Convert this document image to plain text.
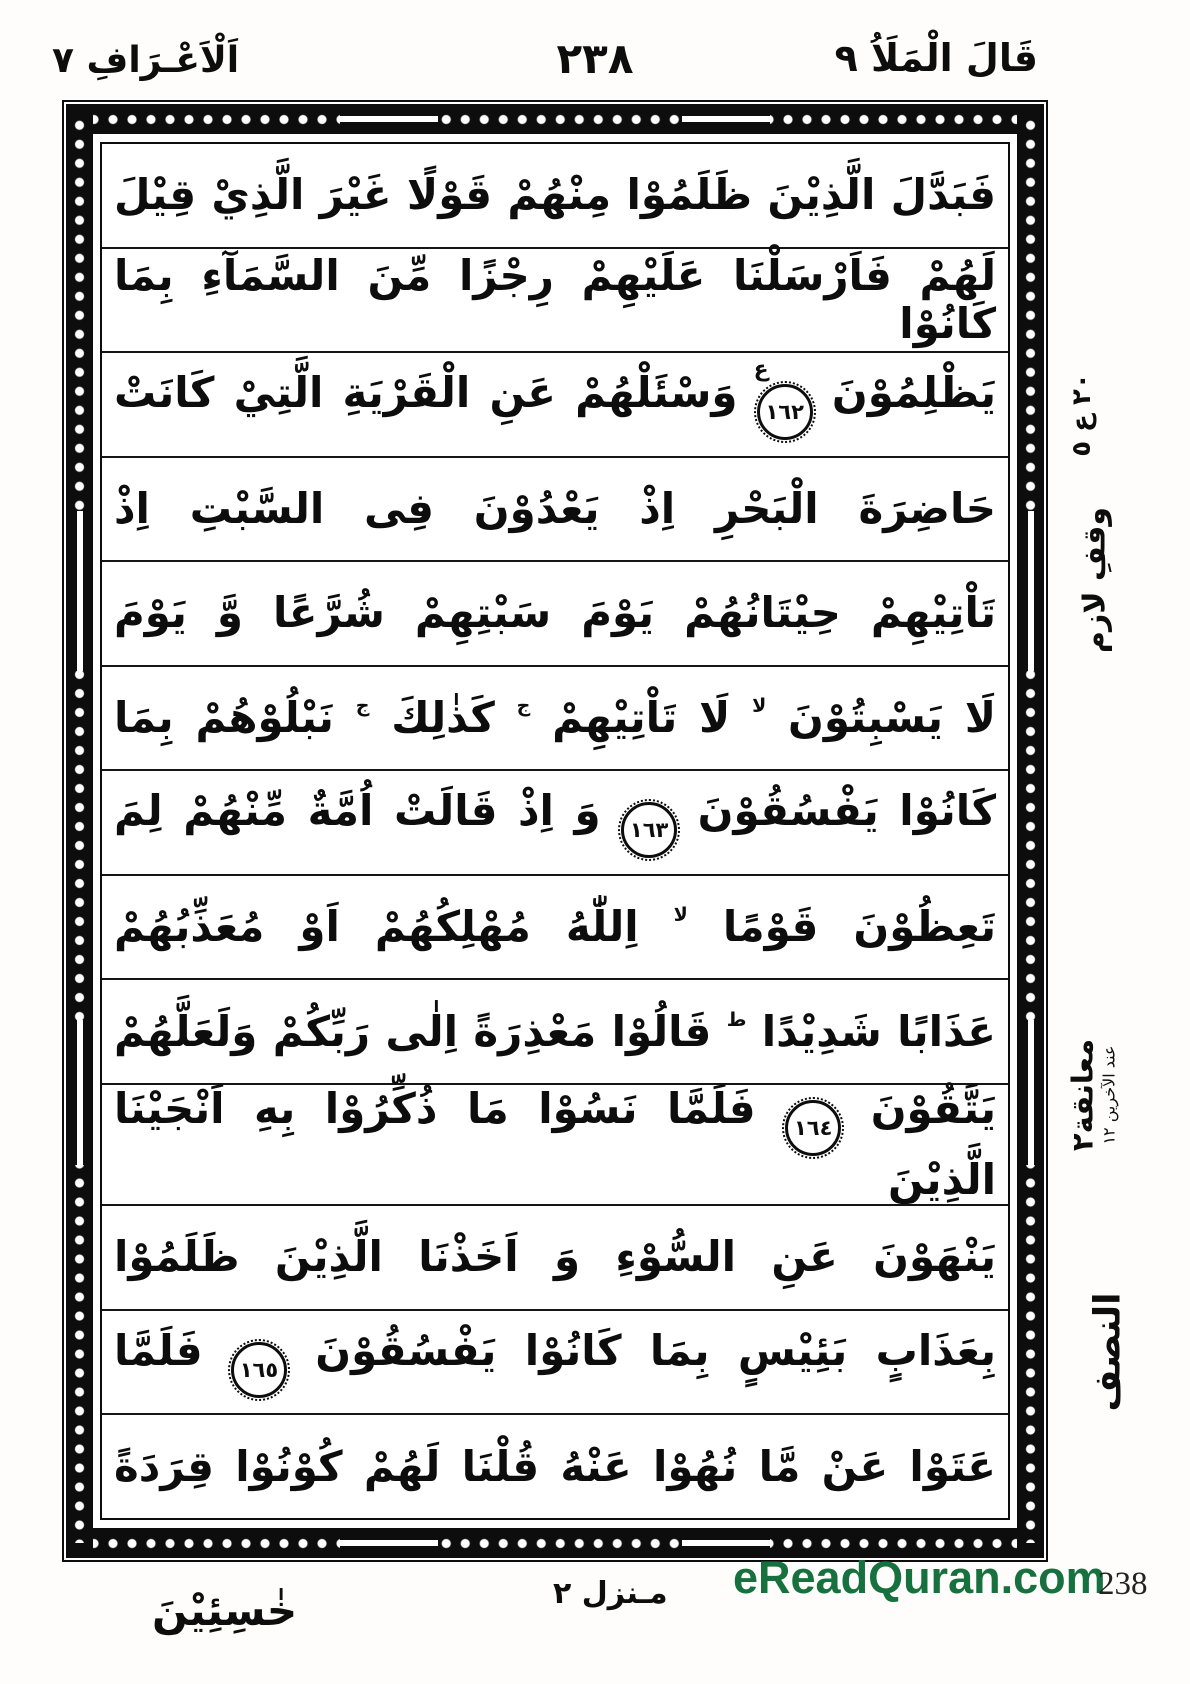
اَلْاَعْـرَافِ ٧	٢٣٨	قَالَ الْمَلَاُ ٩
فَبَدَّلَ الَّذِيْنَ ظَلَمُوْا مِنْهُمْ قَوْلًا غَيْرَ الَّذِيْ قِيْلَ
لَهُمْ فَاَرْسَلْنَا عَلَيْهِمْ رِجْزًا مِّنَ السَّمَآءِ بِمَا كَانُوْا
يَظْلِمُوْنَ
١٦٢
ع
وَسْئَلْهُمْ عَنِ الْقَرْيَةِ الَّتِيْ كَانَتْ
حَاضِرَةَ الْبَحْرِ اِذْ يَعْدُوْنَ فِى السَّبْتِ اِذْ
تَاْتِيْهِمْ حِيْتَانُهُمْ يَوْمَ سَبْتِهِمْ شُرَّعًا وَّ يَوْمَ
لَا يَسْبِتُوْنَ $^{لا}$ لَا تَاْتِيْهِمْ $^ج$ كَذٰلِكَ $^ج$ نَبْلُوْهُمْ بِمَا
كَانُوْا يَفْسُقُوْنَ
١٦٣
وَ اِذْ قَالَتْ اُمَّةٌ مِّنْهُمْ لِمَ
تَعِظُوْنَ قَوْمًا $^{لا}$ اِللّٰهُ مُهْلِكُهُمْ اَوْ مُعَذِّبُهُمْ
عَذَابًا شَدِيْدًا $^ط$ قَالُوْا مَعْذِرَةً اِلٰى رَبِّكُمْ وَلَعَلَّهُمْ
يَتَّقُوْنَ
١٦٤
فَلَمَّا نَسُوْا مَا ذُكِّرُوْا بِهِ اَنْجَيْنَا الَّذِيْنَ
يَنْهَوْنَ عَنِ السُّوْءِ وَ اَخَذْنَا الَّذِيْنَ ظَلَمُوْا
بِعَذَابٍ بَئِيْسٍ بِمَا كَانُوْا يَفْسُقُوْنَ
١٦٥
فَلَمَّا
عَتَوْا عَنْ مَّا نُهُوْا عَنْهُ قُلْنَا لَهُمْ كُوْنُوْا قِرَدَةً
٢٠ ع ٥
وقفِ لازم
معانقة٢
عند الآخرين ١٢
النصف
خٰسِئِيْنَ	مـنزل ٢ eReadQuran.com
238
